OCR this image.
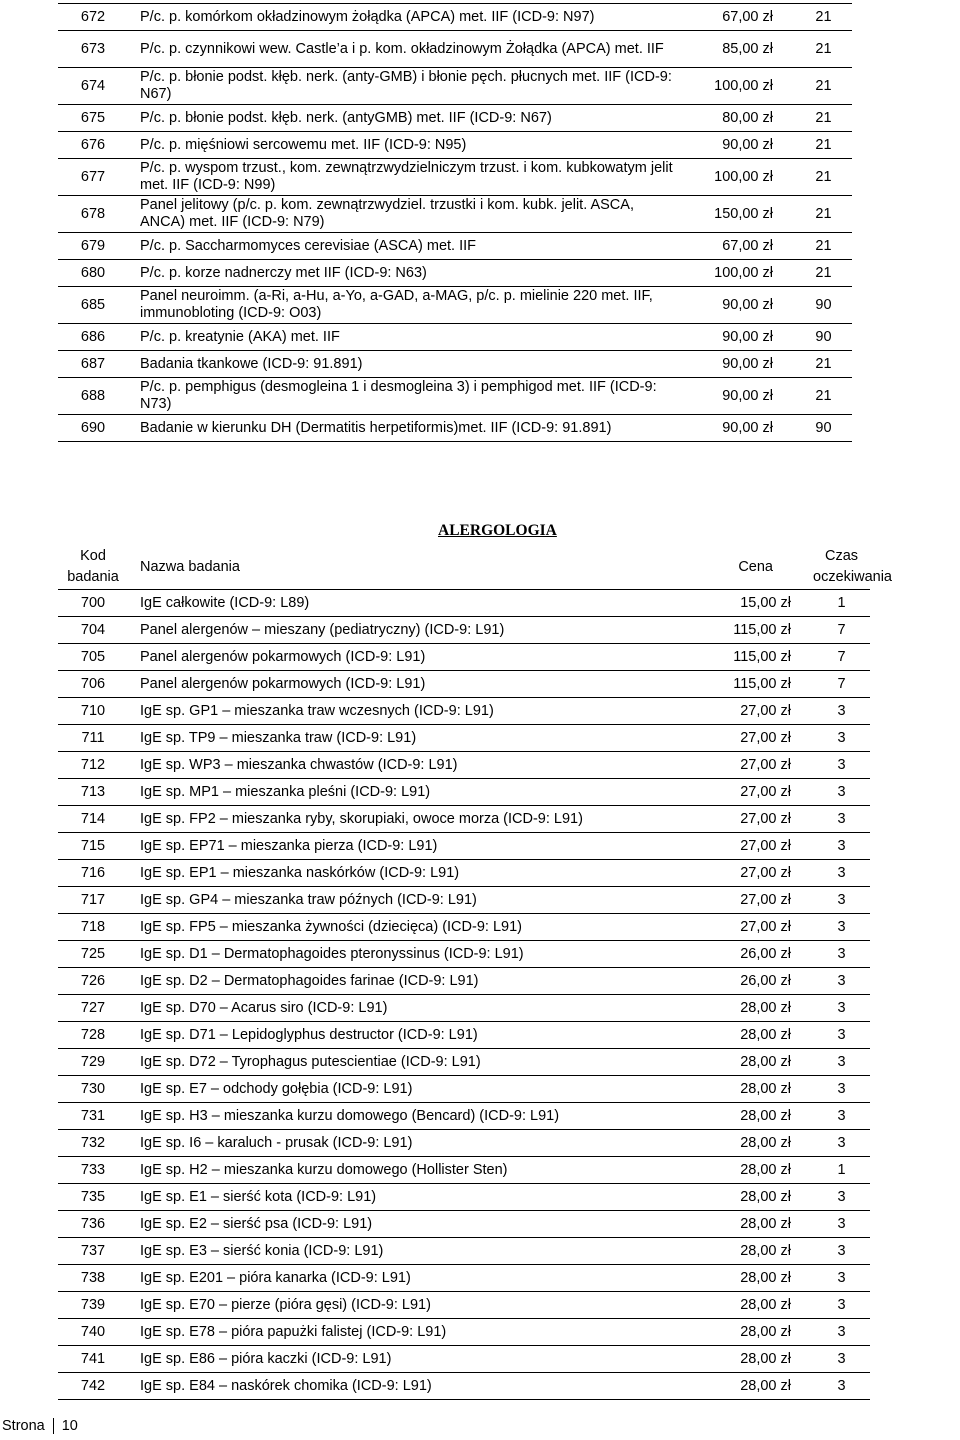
672	P/c. p. komórkom okładzinowym żołądka (APCA) met. IIF (ICD-9: N97)	67,00 zł	21
673	P/c. p. czynnikowi wew. Castle’a i p. kom. okładzinowym Żołądka (APCA) met. IIF	85,00 zł	21
674	P/c. p. błonie podst. kłęb. nerk. (anty-GMB) i błonie pęch. płucnych met. IIF (ICD-9: N67)	100,00 zł	21
675	P/c. p. błonie podst. kłęb. nerk. (antyGMB) met. IIF (ICD-9: N67)	80,00 zł	21
676	P/c. p. mięśniowi sercowemu met. IIF (ICD-9: N95)	90,00 zł	21
677	P/c. p. wyspom trzust., kom. zewnątrzwydzielniczym trzust. i kom. kubkowatym jelit met. IIF (ICD-9: N99)	100,00 zł	21
678	Panel jelitowy (p/c. p. kom. zewnątrzwydziel. trzustki i kom. kubk. jelit. ASCA, ANCA) met. IIF (ICD-9: N79)	150,00 zł	21
679	P/c. p. Saccharmomyces cerevisiae (ASCA) met. IIF	67,00 zł	21
680	P/c. p. korze nadnerczy met IIF (ICD-9: N63)	100,00 zł	21
685	Panel neuroimm. (a-Ri, a-Hu, a-Yo, a-GAD, a-MAG, p/c. p. mielinie 220 met. IIF, immunobloting (ICD-9: O03)	90,00 zł	90
686	P/c. p. kreatynie (AKA) met. IIF	90,00 zł	90
687	Badania tkankowe (ICD-9: 91.891)	90,00 zł	21
688	P/c. p. pemphigus (desmogleina 1 i desmogleina 3) i pemphigod met. IIF (ICD-9: N73)	90,00 zł	21
690	Badanie w kierunku DH (Dermatitis herpetiformis)met. IIF (ICD-9: 91.891)	90,00 zł	90
ALERGOLOGIA
Kod badania	Nazwa badania	Cena	Czas oczekiwania
700	IgE całkowite (ICD-9: L89)	15,00 zł	1
704	Panel alergenów – mieszany (pediatryczny) (ICD-9: L91)	115,00 zł	7
705	Panel alergenów pokarmowych (ICD-9: L91)	115,00 zł	7
706	Panel alergenów pokarmowych (ICD-9: L91)	115,00 zł	7
710	IgE sp. GP1 – mieszanka traw wczesnych (ICD-9: L91)	27,00 zł	3
711	IgE sp. TP9 – mieszanka traw (ICD-9: L91)	27,00 zł	3
712	IgE sp. WP3 – mieszanka chwastów (ICD-9: L91)	27,00 zł	3
713	IgE sp. MP1 – mieszanka pleśni (ICD-9: L91)	27,00 zł	3
714	IgE sp. FP2 – mieszanka ryby, skorupiaki, owoce morza (ICD-9: L91)	27,00 zł	3
715	IgE sp. EP71 – mieszanka pierza (ICD-9: L91)	27,00 zł	3
716	IgE sp. EP1 – mieszanka naskórków (ICD-9: L91)	27,00 zł	3
717	IgE sp. GP4 – mieszanka traw późnych (ICD-9: L91)	27,00 zł	3
718	IgE sp. FP5 – mieszanka żywności (dziecięca) (ICD-9: L91)	27,00 zł	3
725	IgE sp. D1 – Dermatophagoides pteronyssinus (ICD-9: L91)	26,00 zł	3
726	IgE sp. D2 – Dermatophagoides farinae (ICD-9: L91)	26,00 zł	3
727	IgE sp. D70 – Acarus siro (ICD-9: L91)	28,00 zł	3
728	IgE sp. D71 – Lepidoglyphus destructor (ICD-9: L91)	28,00 zł	3
729	IgE sp. D72 – Tyrophagus putescientiae (ICD-9: L91)	28,00 zł	3
730	IgE sp. E7 – odchody gołębia (ICD-9: L91)	28,00 zł	3
731	IgE sp. H3 – mieszanka kurzu domowego (Bencard) (ICD-9: L91)	28,00 zł	3
732	IgE sp. I6 – karaluch - prusak (ICD-9: L91)	28,00 zł	3
733	IgE sp. H2 – mieszanka kurzu domowego (Hollister Sten)	28,00 zł	1
735	IgE sp. E1 – sierść kota (ICD-9: L91)	28,00 zł	3
736	IgE sp. E2 – sierść psa (ICD-9: L91)	28,00 zł	3
737	IgE sp. E3 – sierść konia (ICD-9: L91)	28,00 zł	3
738	IgE sp. E201 – pióra kanarka (ICD-9: L91)	28,00 zł	3
739	IgE sp. E70 – pierze (pióra gęsi) (ICD-9: L91)	28,00 zł	3
740	IgE sp. E78 – pióra papużki falistej (ICD-9: L91)	28,00 zł	3
741	IgE sp. E86 – pióra kaczki (ICD-9: L91)	28,00 zł	3
742	IgE sp. E84 – naskórek chomika (ICD-9: L91)	28,00 zł	3
Strona 10
